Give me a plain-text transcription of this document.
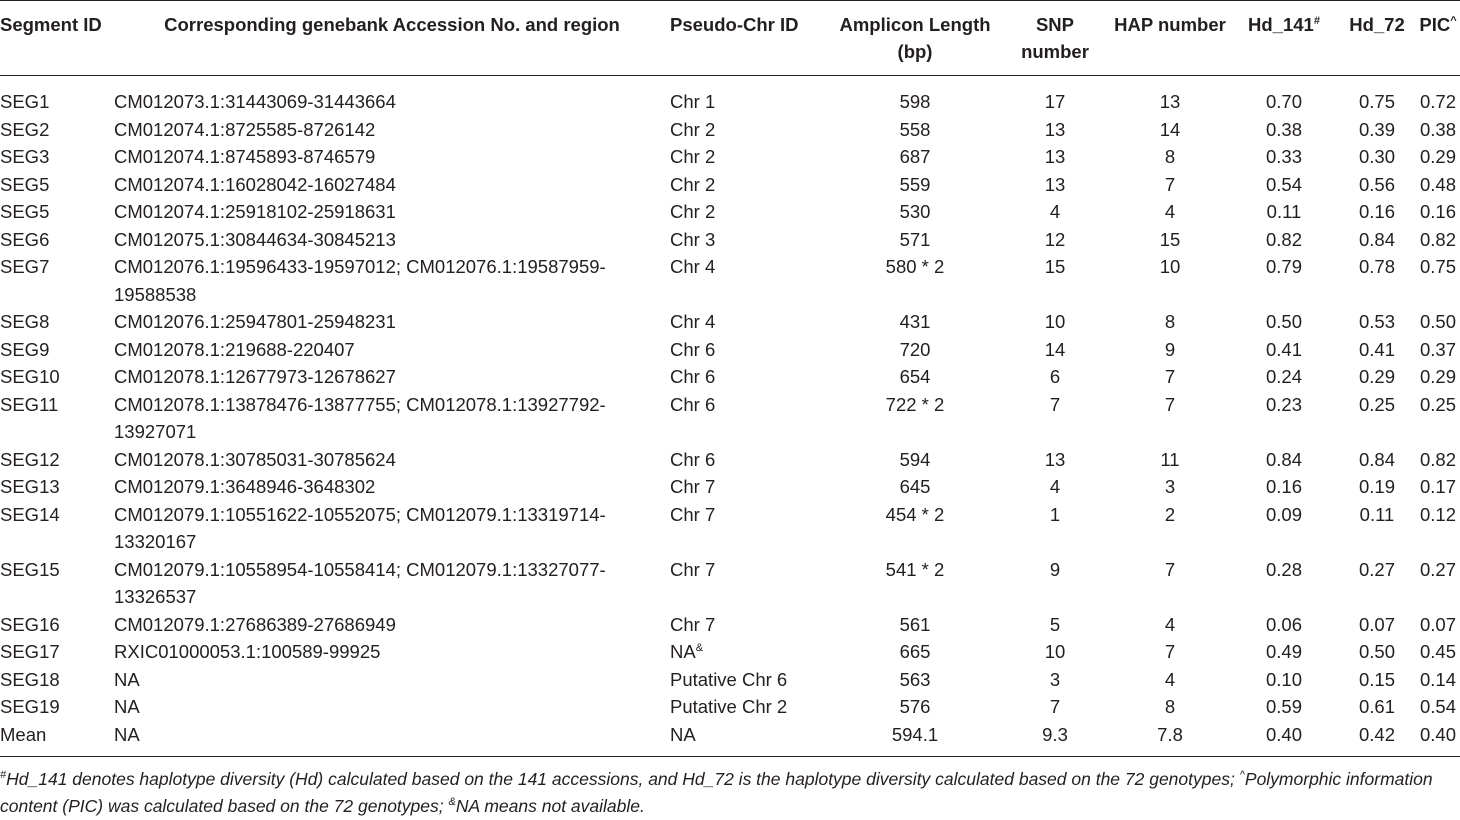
Segment ID	Corresponding genebank Accession No. and region	Pseudo-Chr ID	Amplicon Length (bp)	SNP number	HAP number	Hd_141#	Hd_72	PIC^
SEG1	CM012073.1:31443069-31443664	Chr 1	598	17	13	0.70	0.75	0.72
SEG2	CM012074.1:8725585-8726142	Chr 2	558	13	14	0.38	0.39	0.38
SEG3	CM012074.1:8745893-8746579	Chr 2	687	13	8	0.33	0.30	0.29
SEG5	CM012074.1:16028042-16027484	Chr 2	559	13	7	0.54	0.56	0.48
SEG5	CM012074.1:25918102-25918631	Chr 2	530	4	4	0.11	0.16	0.16
SEG6	CM012075.1:30844634-30845213	Chr 3	571	12	15	0.82	0.84	0.82
SEG7	CM012076.1:19596433-19597012; CM012076.1:19587959-19588538	Chr 4	580 * 2	15	10	0.79	0.78	0.75
SEG8	CM012076.1:25947801-25948231	Chr 4	431	10	8	0.50	0.53	0.50
SEG9	CM012078.1:219688-220407	Chr 6	720	14	9	0.41	0.41	0.37
SEG10	CM012078.1:12677973-12678627	Chr 6	654	6	7	0.24	0.29	0.29
SEG11	CM012078.1:13878476-13877755; CM012078.1:13927792-13927071	Chr 6	722 * 2	7	7	0.23	0.25	0.25
SEG12	CM012078.1:30785031-30785624	Chr 6	594	13	11	0.84	0.84	0.82
SEG13	CM012079.1:3648946-3648302	Chr 7	645	4	3	0.16	0.19	0.17
SEG14	CM012079.1:10551622-10552075; CM012079.1:13319714-13320167	Chr 7	454 * 2	1	2	0.09	0.11	0.12
SEG15	CM012079.1:10558954-10558414; CM012079.1:13327077-13326537	Chr 7	541 * 2	9	7	0.28	0.27	0.27
SEG16	CM012079.1:27686389-27686949	Chr 7	561	5	4	0.06	0.07	0.07
SEG17	RXIC01000053.1:100589-99925	NA&	665	10	7	0.49	0.50	0.45
SEG18	NA	Putative Chr 6	563	3	4	0.10	0.15	0.14
SEG19	NA	Putative Chr 2	576	7	8	0.59	0.61	0.54
Mean	NA	NA	594.1	9.3	7.8	0.40	0.42	0.40
#Hd_141 denotes haplotype diversity (Hd) calculated based on the 141 accessions, and Hd_72 is the haplotype diversity calculated based on the 72 genotypes; ^Polymorphic information content (PIC) was calculated based on the 72 genotypes; &NA means not available.
